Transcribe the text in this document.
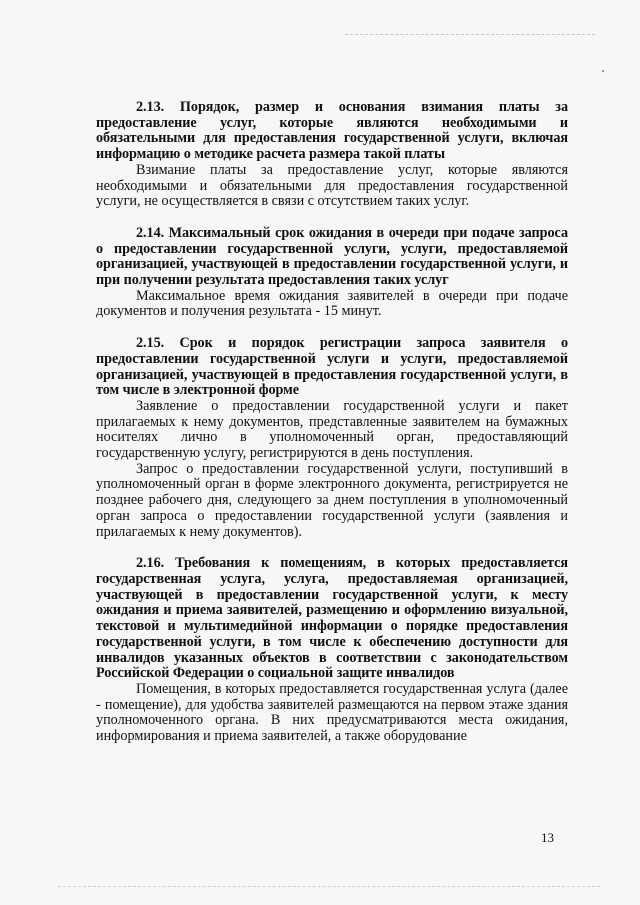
2.13. Порядок, размер и основания взимания платы за предоставление услуг, которые являются необходимыми и обязательными для предоставления государственной услуги, включая информацию о методике расчета размера такой платы
Взимание платы за предоставление услуг, которые являются необходимыми и обязательными для предоставления государственной услуги, не осуществляется в связи с отсутствием таких услуг.
2.14. Максимальный срок ожидания в очереди при подаче запроса о предоставлении государственной услуги, услуги, предоставляемой организацией, участвующей в предоставлении государственной услуги, и при получении результата предоставления таких услуг
Максимальное время ожидания заявителей в очереди при подаче документов и получения результата - 15 минут.
2.15. Срок и порядок регистрации запроса заявителя о предоставлении государственной услуги и услуги, предоставляемой организацией, участвующей в предоставления государственной услуги, в том числе в электронной форме
Заявление о предоставлении государственной услуги и пакет прилагаемых к нему документов, представленные заявителем на бумажных носителях лично в уполномоченный орган, предоставляющий государственную услугу, регистрируются в день поступления.
Запрос о предоставлении государственной услуги, поступивший в уполномоченный орган в форме электронного документа, регистрируется не позднее рабочего дня, следующего за днем поступления в уполномоченный орган запроса о предоставлении государственной услуги (заявления и прилагаемых к нему документов).
2.16. Требования к помещениям, в которых предоставляется государственная услуга, услуга, предоставляемая организацией, участвующей в предоставлении государственной услуги, к месту ожидания и приема заявителей, размещению и оформлению визуальной, текстовой и мультимедийной информации о порядке предоставления государственной услуги, в том числе к обеспечению доступности для инвалидов указанных объектов в соответствии с законодательством Российской Федерации о социальной защите инвалидов
Помещения, в которых предоставляется государственная услуга (далее - помещение), для удобства заявителей размещаются на первом этаже здания уполномоченного органа. В них предусматриваются места ожидания, информирования и приема заявителей, а также оборудование
13
